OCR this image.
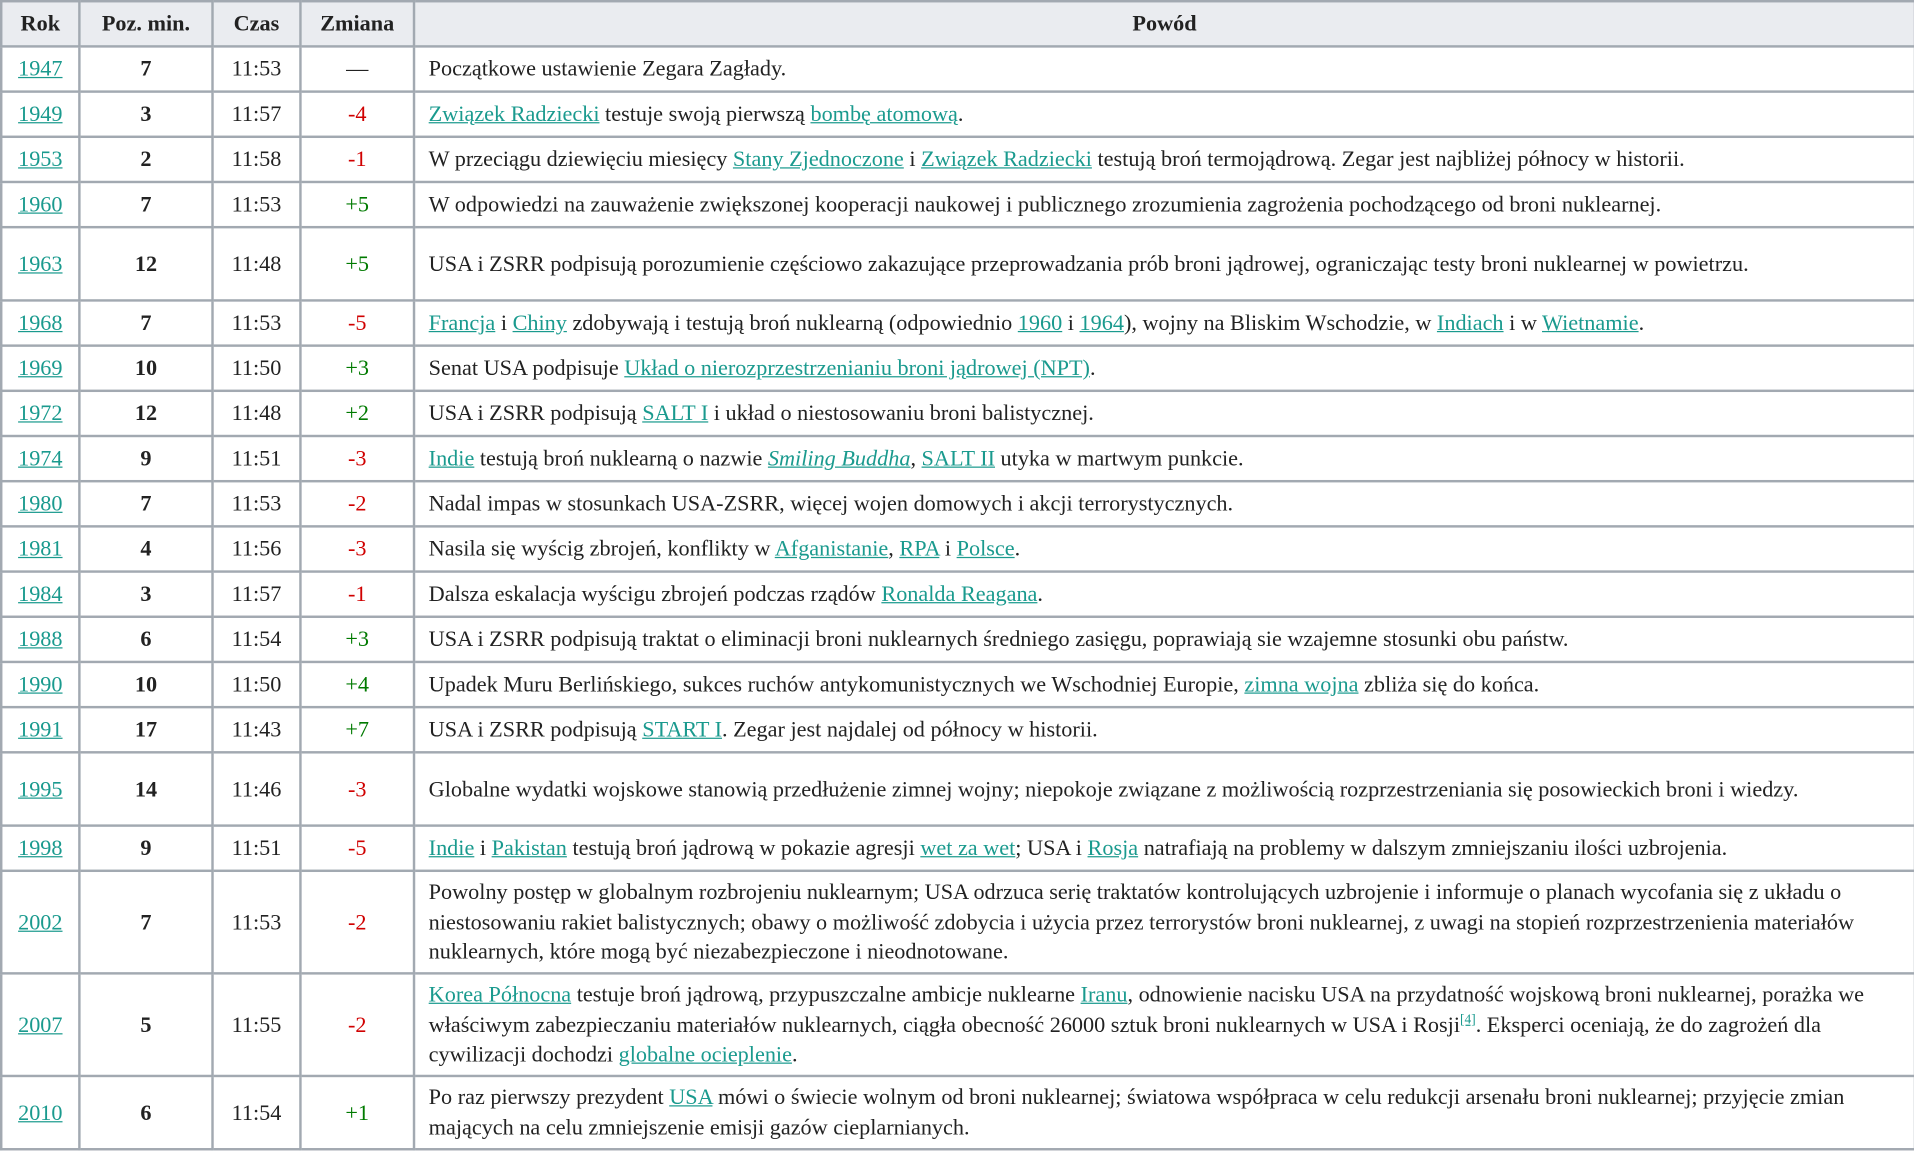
Rok	Poz. min.	Czas	Zmiana	Powód
1947	7	11:53	—	Początkowe ustawienie Zegara Zagłady.
1949	3	11:57	-4	Związek Radziecki testuje swoją pierwszą bombę atomową.
1953	2	11:58	-1	W przeciągu dziewięciu miesięcy Stany Zjednoczone i Związek Radziecki testują broń termojądrową. Zegar jest najbliżej północy w historii.
1960	7	11:53	+5	W odpowiedzi na zauważenie zwiększonej kooperacji naukowej i publicznego zrozumienia zagrożenia pochodzącego od broni nuklearnej.
1963	12	11:48	+5	USA i ZSRR podpisują porozumienie częściowo zakazujące przeprowadzania prób broni jądrowej, ograniczając testy broni nuklearnej w powietrzu.
1968	7	11:53	-5	Francja i Chiny zdobywają i testują broń nuklearną (odpowiednio 1960 i 1964), wojny na Bliskim Wschodzie, w Indiach i w Wietnamie.
1969	10	11:50	+3	Senat USA podpisuje Układ o nierozprzestrzenianiu broni jądrowej (NPT).
1972	12	11:48	+2	USA i ZSRR podpisują SALT I i układ o niestosowaniu broni balistycznej.
1974	9	11:51	-3	Indie testują broń nuklearną o nazwie Smiling Buddha, SALT II utyka w martwym punkcie.
1980	7	11:53	-2	Nadal impas w stosunkach USA-ZSRR, więcej wojen domowych i akcji terrorystycznych.
1981	4	11:56	-3	Nasila się wyścig zbrojeń, konflikty w Afganistanie, RPA i Polsce.
1984	3	11:57	-1	Dalsza eskalacja wyścigu zbrojeń podczas rządów Ronalda Reagana.
1988	6	11:54	+3	USA i ZSRR podpisują traktat o eliminacji broni nuklearnych średniego zasięgu, poprawiają sie wzajemne stosunki obu państw.
1990	10	11:50	+4	Upadek Muru Berlińskiego, sukces ruchów antykomunistycznych we Wschodniej Europie, zimna wojna zbliża się do końca.
1991	17	11:43	+7	USA i ZSRR podpisują START I. Zegar jest najdalej od północy w historii.
1995	14	11:46	-3	Globalne wydatki wojskowe stanowią przedłużenie zimnej wojny; niepokoje związane z możliwością rozprzestrzeniania się posowieckich broni i wiedzy.
1998	9	11:51	-5	Indie i Pakistan testują broń jądrową w pokazie agresji wet za wet; USA i Rosja natrafiają na problemy w dalszym zmniejszaniu ilości uzbrojenia.
2002	7	11:53	-2	Powolny postęp w globalnym rozbrojeniu nuklearnym; USA odrzuca serię traktatów kontrolujących uzbrojenie i informuje o planach wycofania się z układu o niestosowaniu rakiet balistycznych; obawy o możliwość zdobycia i użycia przez terrorystów broni nuklearnej, z uwagi na stopień rozprzestrzenienia materiałów nuklearnych, które mogą być niezabezpieczone i nieodnotowane.
2007	5	11:55	-2	Korea Północna testuje broń jądrową, przypuszczalne ambicje nuklearne Iranu, odnowienie nacisku USA na przydatność wojskową broni nuklearnej, porażka we właściwym zabezpieczaniu materiałów nuklearnych, ciągła obecność 26000 sztuk broni nuklearnych w USA i Rosji[4]. Eksperci oceniają, że do zagrożeń dla cywilizacji dochodzi globalne ocieplenie.
2010	6	11:54	+1	Po raz pierwszy prezydent USA mówi o świecie wolnym od broni nuklearnej; światowa współpraca w celu redukcji arsenału broni nuklearnej; przyjęcie zmian mających na celu zmniejszenie emisji gazów cieplarnianych.
